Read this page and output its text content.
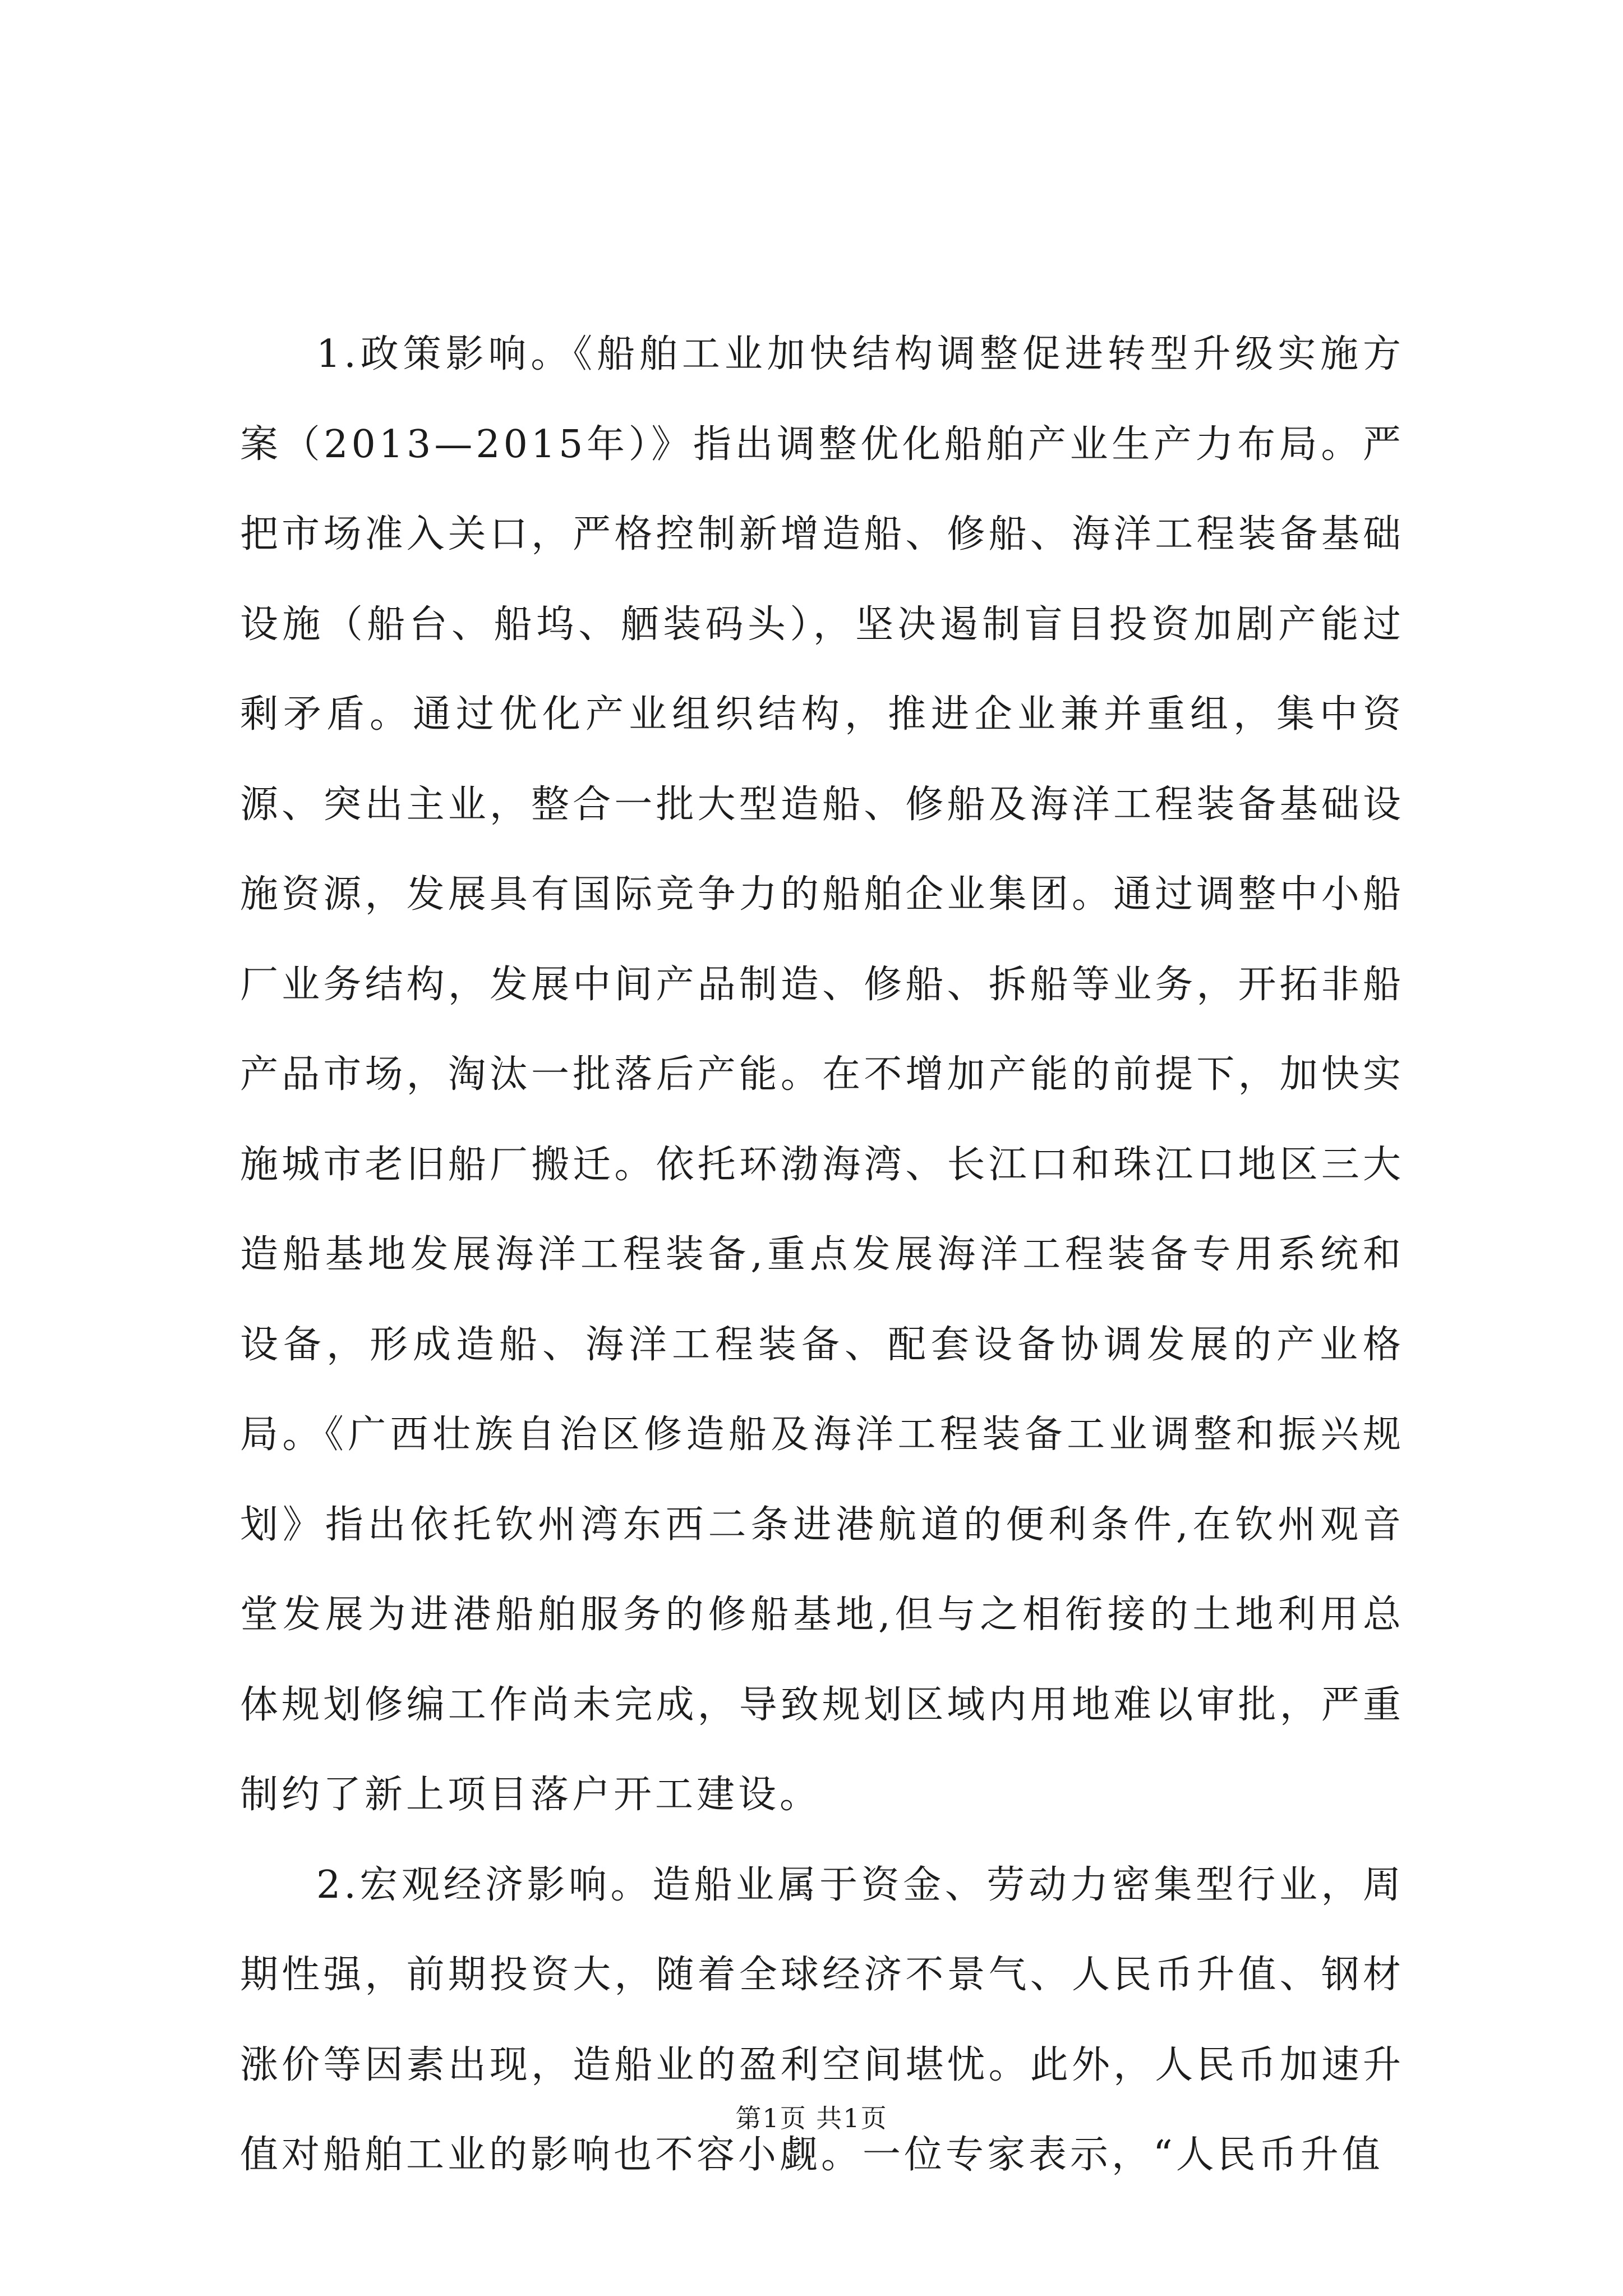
1.政策影响。《船舶工业加快结构调整促进转型升级实施方案（2013—2015年）》指出调整优化船舶产业生产力布局。严把市场准入关口，严格控制新增造船、修船、海洋工程装备基础设施（船台、船坞、舾装码头），坚决遏制盲目投资加剧产能过剩矛盾。通过优化产业组织结构，推进企业兼并重组，集中资源、突出主业，整合一批大型造船、修船及海洋工程装备基础设施资源，发展具有国际竞争力的船舶企业集团。通过调整中小船厂业务结构，发展中间产品制造、修船、拆船等业务，开拓非船产品市场，淘汰一批落后产能。在不增加产能的前提下，加快实施城市老旧船厂搬迁。依托环渤海湾、长江口和珠江口地区三大造船基地发展海洋工程装备,重点发展海洋工程装备专用系统和设备，形成造船、海洋工程装备、配套设备协调发展的产业格局。《广西壮族自治区修造船及海洋工程装备工业调整和振兴规划》指出依托钦州湾东西二条进港航道的便利条件,在钦州观音堂发展为进港船舶服务的修船基地,但与之相衔接的土地利用总体规划修编工作尚未完成，导致规划区域内用地难以审批，严重制约了新上项目落户开工建设。

2.宏观经济影响。造船业属于资金、劳动力密集型行业，周期性强，前期投资大，随着全球经济不景气、人民币升值、钢材涨价等因素出现，造船业的盈利空间堪忧。此外，人民币加速升值对船舶工业的影响也不容小觑。一位专家表示，“人民币升值

第1页 共1页
